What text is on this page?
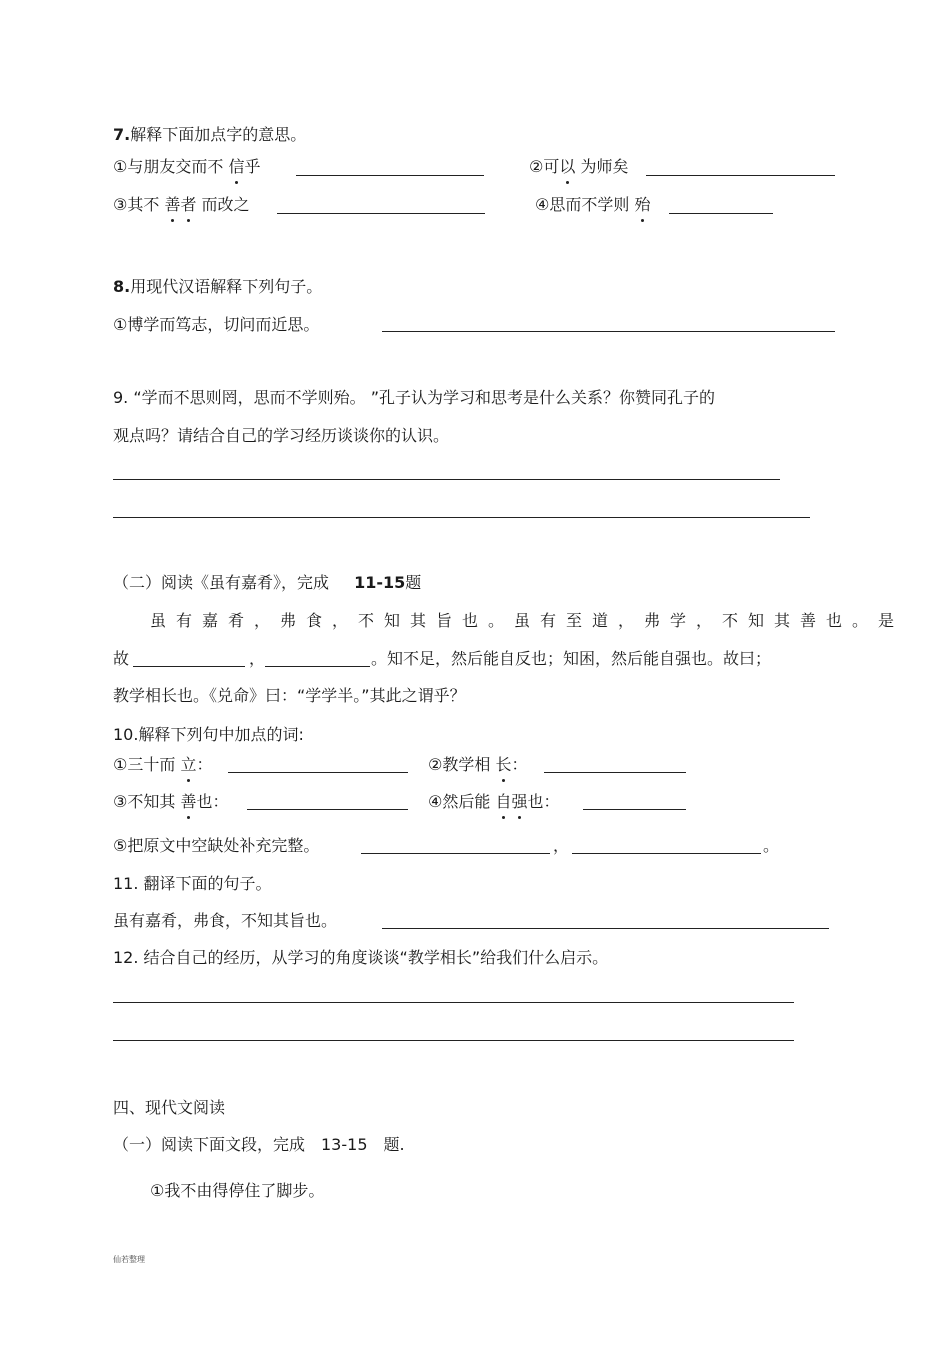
7.解释下面加点字的意思。
①与朋友交而不 信乎	②可以 为师矣
③其不 善者 而改之	④思而不学则 殆
8.用现代汉语解释下列句子。
①博学而笃志，切问而近思。
9. “学而不思则罔，思而不学则殆。 ”孔子认为学习和思考是什么关系？你赞同孔子的
观点吗？请结合自己的学习经历谈谈你的认识。
（二）阅读《虽有嘉肴》，完成 11-15题
虽有嘉肴，弗食，不知其旨也。虽有至道，弗学，不知其善也。是
故	，	。知不足，然后能自反也；知困，然后能自强也。故曰；
教学相长也。《兑命》曰：“学学半。”其此之谓乎？
10.解释下列句中加点的词:
①三十而 立：	②教学相 长：
③不知其 善也：	④然后能 自强也：
⑤把原文中空缺处补充完整。	，	。
11. 翻译下面的句子。
虽有嘉肴，弗食，不知其旨也。
12. 结合自己的经历，从学习的角度谈谈“教学相长”给我们什么启示。
四、现代文阅读
（一）阅读下面文段，完成　13-15　题.
①我不由得停住了脚步。
仙若整理
